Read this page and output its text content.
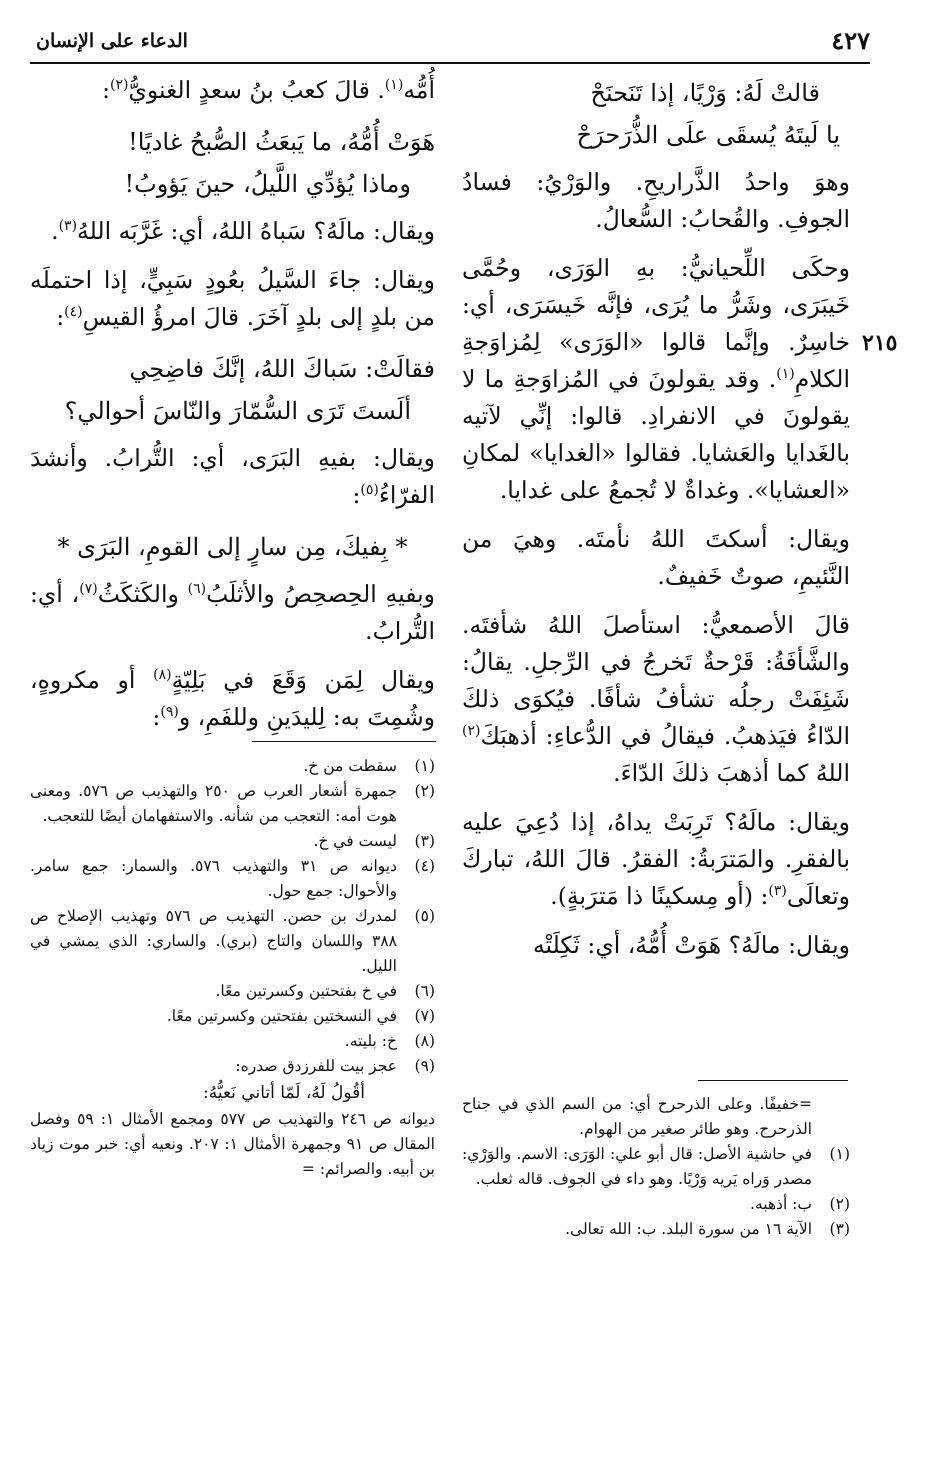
الدعاء على الإنسان	٤٢٧
٢١٥
قالتْ لَهُ: وَرْيًا، إذا تَنَحنَحْ
يا لَيتَهُ يُسقَى علَى الذُّرَحرَحْ

وهوَ واحدُ الذَّراريحِ. والوَرْيُ: فسادُ الجوفِ. والقُحابُ: السُّعالُ.

وحكَى اللِّحيانيُّ: بهِ الوَرَى، وحُمَّى خَيبَرَى، وشَرُّ ما يُرَى، فإنَّه خَيسَرَى، أي: خاسِرٌ. وإنَّما قالوا «الوَرَى» لِمُزاوَجةِ الكلامِ$^{(١)}$. وقد يقولونَ في المُزاوَجةِ ما لا يقولونَ في الانفرادِ. قالوا: إنِّي لآتيه بالغَدايا والعَشايا. فقالوا «الغدايا» لمكانِ «العشايا». وغداةٌ لا تُجمعُ على غدايا.

ويقال: أسكتَ اللهُ نأمتَه. وهيَ من النَّئيمِ، صوتٌ خَفيفٌ.

قالَ الأصمعيُّ: استأصلَ اللهُ شأفتَه. والشَّأفَةُ: قَرْحةٌ تَخرجُ في الرِّجلِ. يقالُ: شَئِفَتْ رجلُه تشأفُ شأفًا. فيُكوَى ذلكَ الدّاءُ فيَذهبُ. فيقالُ في الدُّعاءِ: أذهبَكَ$^{(٢)}$ اللهُ كما أذهبَ ذلكَ الدّاءَ.

ويقال: مالَهُ؟ تَرِبَتْ يداهُ، إذا دُعِيَ عليه بالفقرِ. والمَترَبةُ: الفقرُ. قالَ اللهُ، تباركَ وتعالَى$^{(٣)}$: (أو مِسكينًا ذا مَترَبةٍ).

ويقال: مالَهُ؟ هَوَتْ أُمُّهُ، أي: ثَكِلَتْه

=خفيفًا. وعلى الذرحرح أي: من السم الذي في جناح الذرحرح. وهو طائر صغير من الهوام.

(١)
في حاشية الأصل: قال أبو علي: الوَرَى: الاسم. والوَرْي: مصدر وَراه يَريه وَرْيًا. وهو داء في الجوف. قاله ثعلب.
(٢)
ب: أذهبه.
(٣)
الآية ١٦ من سورة البلد. ب: الله تعالى.

أُمُّه$^{(١)}$. قالَ كعبُ بنُ سعدٍ الغنويُّ$^{(٢)}$:

هَوَتْ أُمُّهُ، ما يَبعَثُ الصُّبحُ غاديًا!
وماذا يُؤدِّي اللَّيلُ، حينَ يَؤوبُ!

ويقال: مالَهُ؟ سَباهُ اللهُ، أي: غَرَّبَه اللهُ$^{(٣)}$.

ويقال: جاءَ السَّيلُ بعُودٍ سَبِيٍّ، إذا احتملَه من بلدٍ إلى بلدٍ آخَرَ. قالَ امرؤُ القيسِ$^{(٤)}$:

فقالَتْ: سَباكَ اللهُ، إنَّكَ فاضِحِي
ألَستَ تَرَى السُّمّارَ والنّاسَ أحوالي؟

ويقال: بفيهِ البَرَى، أي: التُّرابُ. وأنشدَ الفرّاءُ$^{(٥)}$:

* بِفيكَ، مِن سارٍ إلى القومِ، البَرَى *

وبفيهِ الحِصحِصُ والأثلَبُ$^{(٦)}$ والكَثكَثُ$^{(٧)}$، أي: التُّرابُ.

ويقال لِمَن وَقَعَ في بَلِيّةٍ$^{(٨)}$ أو مكروهٍ، وشُمِتَ به: لِليدَينِ وللفَمِ، و$^{(٩)}$:

(١)
سقطت من خ.
(٢)
جمهرة أشعار العرب ص ٢٥٠ والتهذيب ص ٥٧٦. ومعنى هوت أمه: التعجب من شأنه. والاستفهامان أيضًا للتعجب.
(٣)
ليست في خ.
(٤)
ديوانه ص ٣١ والتهذيب ٥٧٦. والسمار: جمع سامر. والأحوال: جمع حول.
(٥)
لمدرك بن حصن. التهذيب ص ٥٧٦ وتهذيب الإصلاح ص ٣٨٨ واللسان والتاج (بري). والساري: الذي يمشي في الليل.
(٦)
في خ بفتحتين وكسرتين معًا.
(٧)
في النسختين بفتحتين وكسرتين معًا.
(٨)
خ: بليته.
(٩)
عجز بيت للفرزدق صدره:

أقُولُ لَهُ، لَمّا أتاني نَعيُّهُ:

ديوانه ص ٢٤٦ والتهذيب ص ٥٧٧ ومجمع الأمثال ١: ٥٩ وفصل المقال ص ٩١ وجمهرة الأمثال ١: ٢٠٧. ونعيه أي: خبر موت زياد بن أبيه. والصرائم: =
